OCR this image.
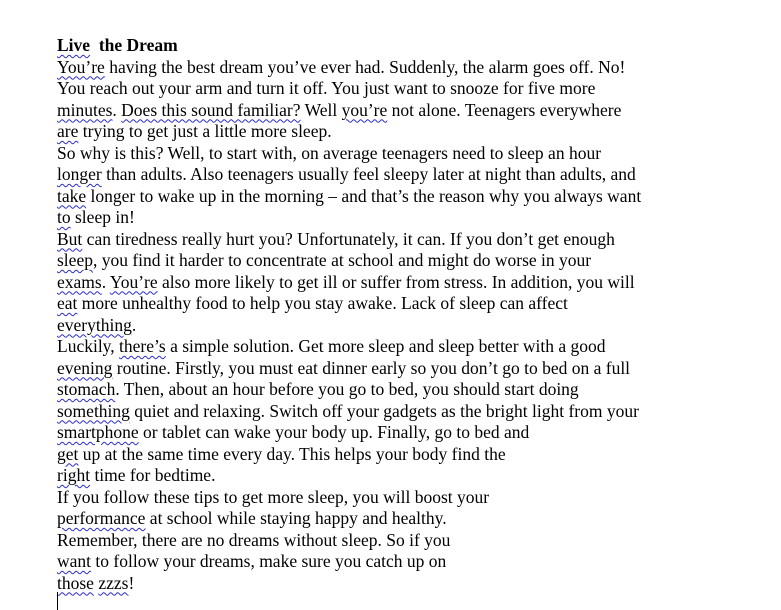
Live  the Dream
You’re having the best dream you’ve ever had. Suddenly, the alarm goes off. No!
You reach out your arm and turn it off. You just want to snooze for five more
minutes. Does this sound familiar? Well you’re not alone. Teenagers everywhere
are trying to get just a little more sleep.
So why is this? Well, to start with, on average teenagers need to sleep an hour
longer than adults. Also teenagers usually feel sleepy later at night than adults, and
take longer to wake up in the morning – and that’s the reason why you always want
to sleep in!
But can tiredness really hurt you? Unfortunately, it can. If you don’t get enough
sleep, you find it harder to concentrate at school and might do worse in your
exams. You’re also more likely to get ill or suffer from stress. In addition, you will
eat more unhealthy food to help you stay awake. Lack of sleep can affect
everything.
Luckily, there’s a simple solution. Get more sleep and sleep better with a good
evening routine. Firstly, you must eat dinner early so you don’t go to bed on a full
stomach. Then, about an hour before you go to bed, you should start doing
something quiet and relaxing. Switch off your gadgets as the bright light from your
smartphone or tablet can wake your body up. Finally, go to bed and
get up at the same time every day. This helps your body find the
right time for bedtime.
If you follow these tips to get more sleep, you will boost your
performance at school while staying happy and healthy.
Remember, there are no dreams without sleep. So if you
want to follow your dreams, make sure you catch up on
those zzzs!
